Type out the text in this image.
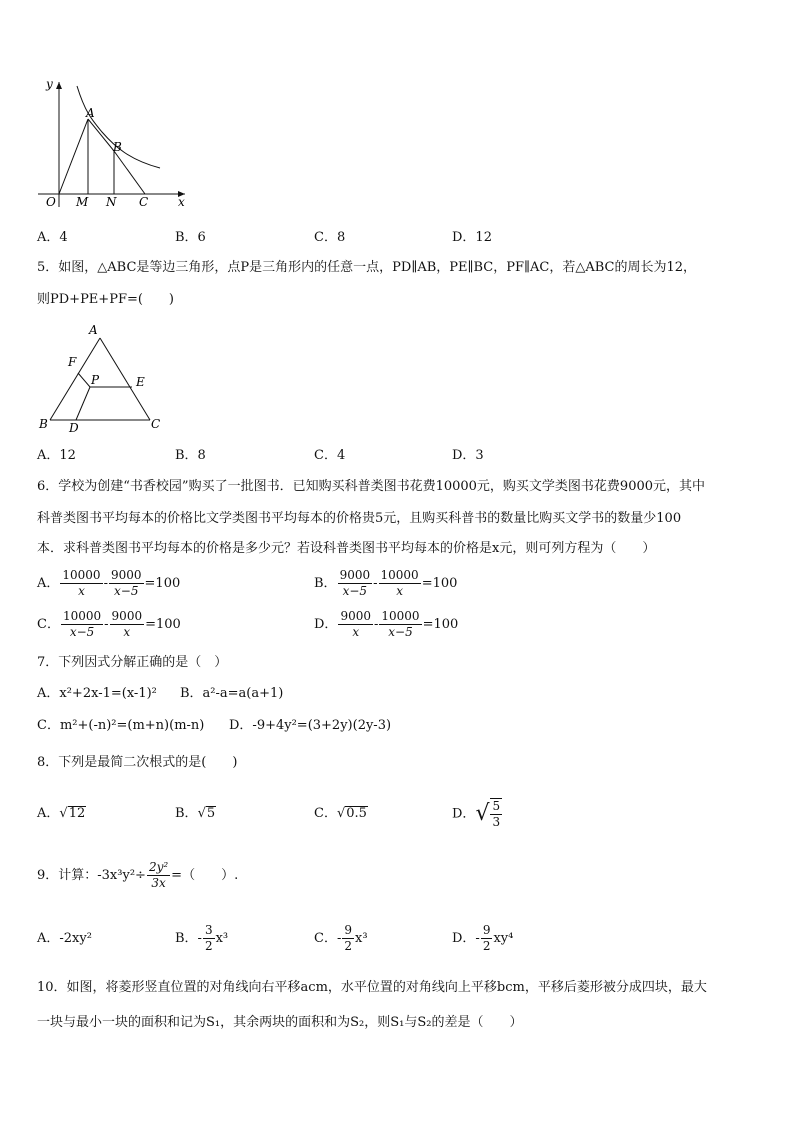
y
x
O M N C
A
B
A．4	B．6	C．8	D．12
5．如图，△ABC是等边三角形，点P是三角形内的任意一点，PD∥AB，PE∥BC，PF∥AC，若△ABC的周长为12，
则PD+PE+PF=(　　)
A
F
P	E
B D	C
A．12	B．8	C．4	D．3
6．学校为创建“书香校园”购买了一批图书．已知购买科普类图书花费10000元，购买文学类图书花费9000元，其中
科普类图书平均每本的价格比文学类图书平均每本的价格贵5元，且购买科普书的数量比购买文学书的数量少100
本．求科普类图书平均每本的价格是多少元？若设科普类图书平均每本的价格是x元，则可列方程为（　　）
A． $\frac{10000}{x} - \frac{9000}{x-5} =100$	B． $\frac{9000}{x-5} - \frac{10000}{x} =100$
C． $\frac{10000}{x-5} - \frac{9000}{x} =100$	D． $\frac{9000}{x} - \frac{10000}{x-5} =100$
7．下列因式分解正确的是（　）
A．x²+2x-1=(x-1)² B．a²-a=a(a+1)
C．m²+(-n)²=(m+n)(m-n) D．-9+4y²=(3+2y)(2y-3)
8．下列是最简二次根式的是(　　)
A．√12	B．√5	C．√0.5	D．√ $\frac{5}{3}$
9．计算：$-3x^3y^2\div \frac{\text{2y²}}{3x}$ =（　　）.
A．-2xy²	B．- $\frac{3}{2} x^3$	C．- $\frac{9}{2} x^3$	D．- $\frac{9}{2} xy^4$
10．如图，将菱形竖直位置的对角线向右平移acm，水平位置的对角线向上平移bcm，平移后菱形被分成四块，最大
一块与最小一块的面积和记为S₁，其余两块的面积和为S₂，则S₁与S₂的差是（　　）
